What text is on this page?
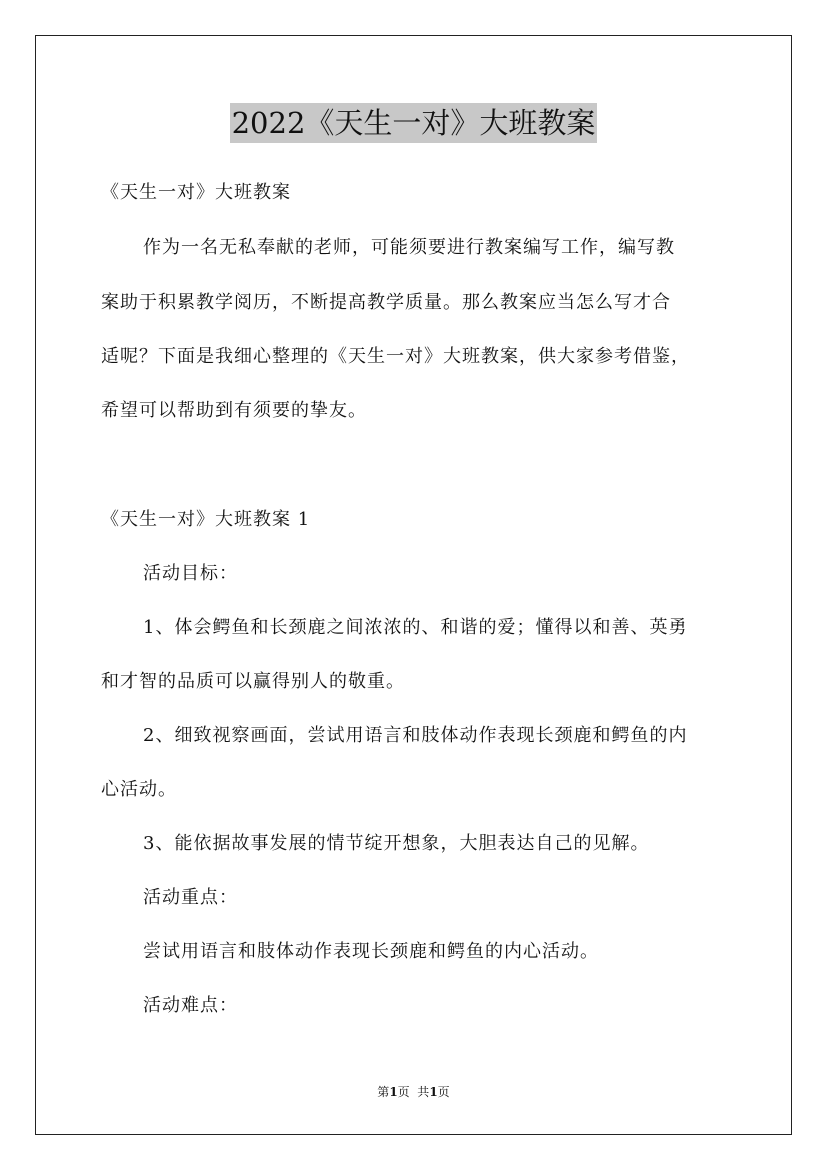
2022《天生一对》大班教案
《天生一对》大班教案
作为一名无私奉献的老师，可能须要进行教案编写工作，编写教
案助于积累教学阅历，不断提高教学质量。那么教案应当怎么写才合
适呢？下面是我细心整理的《天生一对》大班教案，供大家参考借鉴，
希望可以帮助到有须要的挚友。
《天生一对》大班教案 1
活动目标：
1、体会鳄鱼和长颈鹿之间浓浓的、和谐的爱；懂得以和善、英勇
和才智的品质可以赢得别人的敬重。
2、细致视察画面，尝试用语言和肢体动作表现长颈鹿和鳄鱼的内
心活动。
3、能依据故事发展的情节绽开想象，大胆表达自己的见解。
活动重点：
尝试用语言和肢体动作表现长颈鹿和鳄鱼的内心活动。
活动难点：
第1页  共1页
